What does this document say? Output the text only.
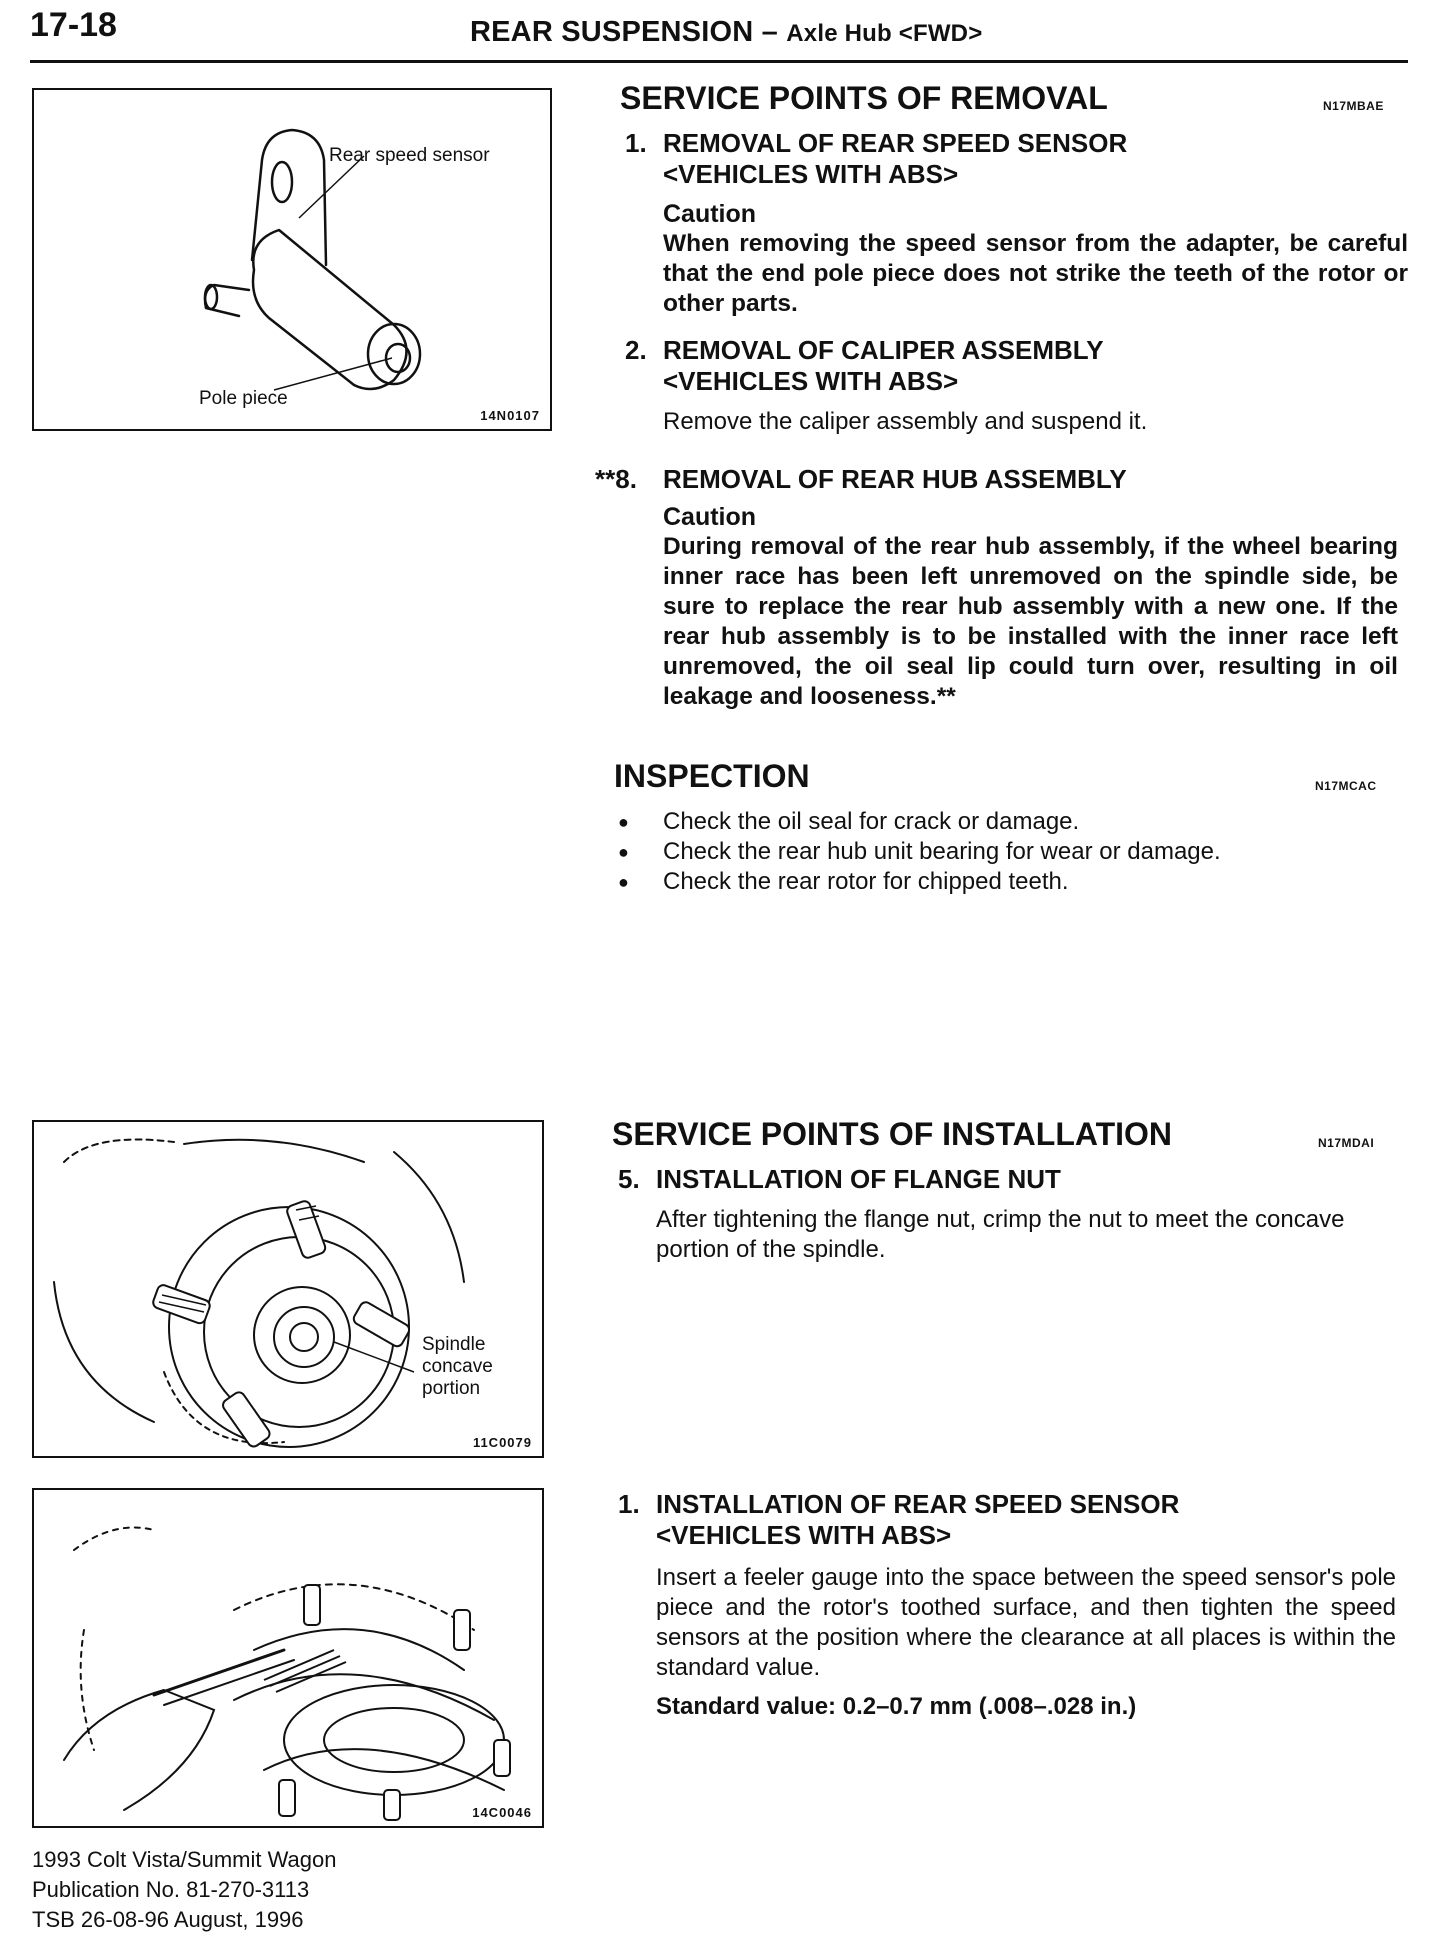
17-18	REAR SUSPENSION – Axle Hub <FWD>
Rear speed sensor
Pole piece
14N0107
Spindle
concave
portion
11C0079
14C0046
SERVICE POINTS OF REMOVAL	N17MBAE
1. REMOVAL OF REAR SPEED SENSOR
<VEHICLES WITH ABS>
Caution
When removing the speed sensor from the adapter, be careful that the end pole piece does not strike the teeth of the rotor or other parts.
2. REMOVAL OF CALIPER ASSEMBLY
<VEHICLES WITH ABS>
Remove the caliper assembly and suspend it.
**8. REMOVAL OF REAR HUB ASSEMBLY
Caution
During removal of the rear hub assembly, if the wheel bearing inner race has been left unremoved on the spindle side, be sure to replace the rear hub assembly with a new one. If the rear hub assembly is to be installed with the inner race left unremoved, the oil seal lip could turn over, resulting in oil leakage and looseness.**
INSPECTION	N17MCAC
● Check the oil seal for crack or damage.
● Check the rear hub unit bearing for wear or damage.
● Check the rear rotor for chipped teeth.
SERVICE POINTS OF INSTALLATION	N17MDAI
5. INSTALLATION OF FLANGE NUT
After tightening the flange nut, crimp the nut to meet the concave portion of the spindle.
1. INSTALLATION OF REAR SPEED SENSOR
<VEHICLES WITH ABS>
Insert a feeler gauge into the space between the speed sensor's pole piece and the rotor's toothed surface, and then tighten the speed sensors at the position where the clearance at all places is within the standard value.
Standard value: 0.2–0.7 mm (.008–.028 in.)
1993 Colt Vista/Summit Wagon
Publication No. 81-270-3113
TSB 26-08-96 August, 1996
